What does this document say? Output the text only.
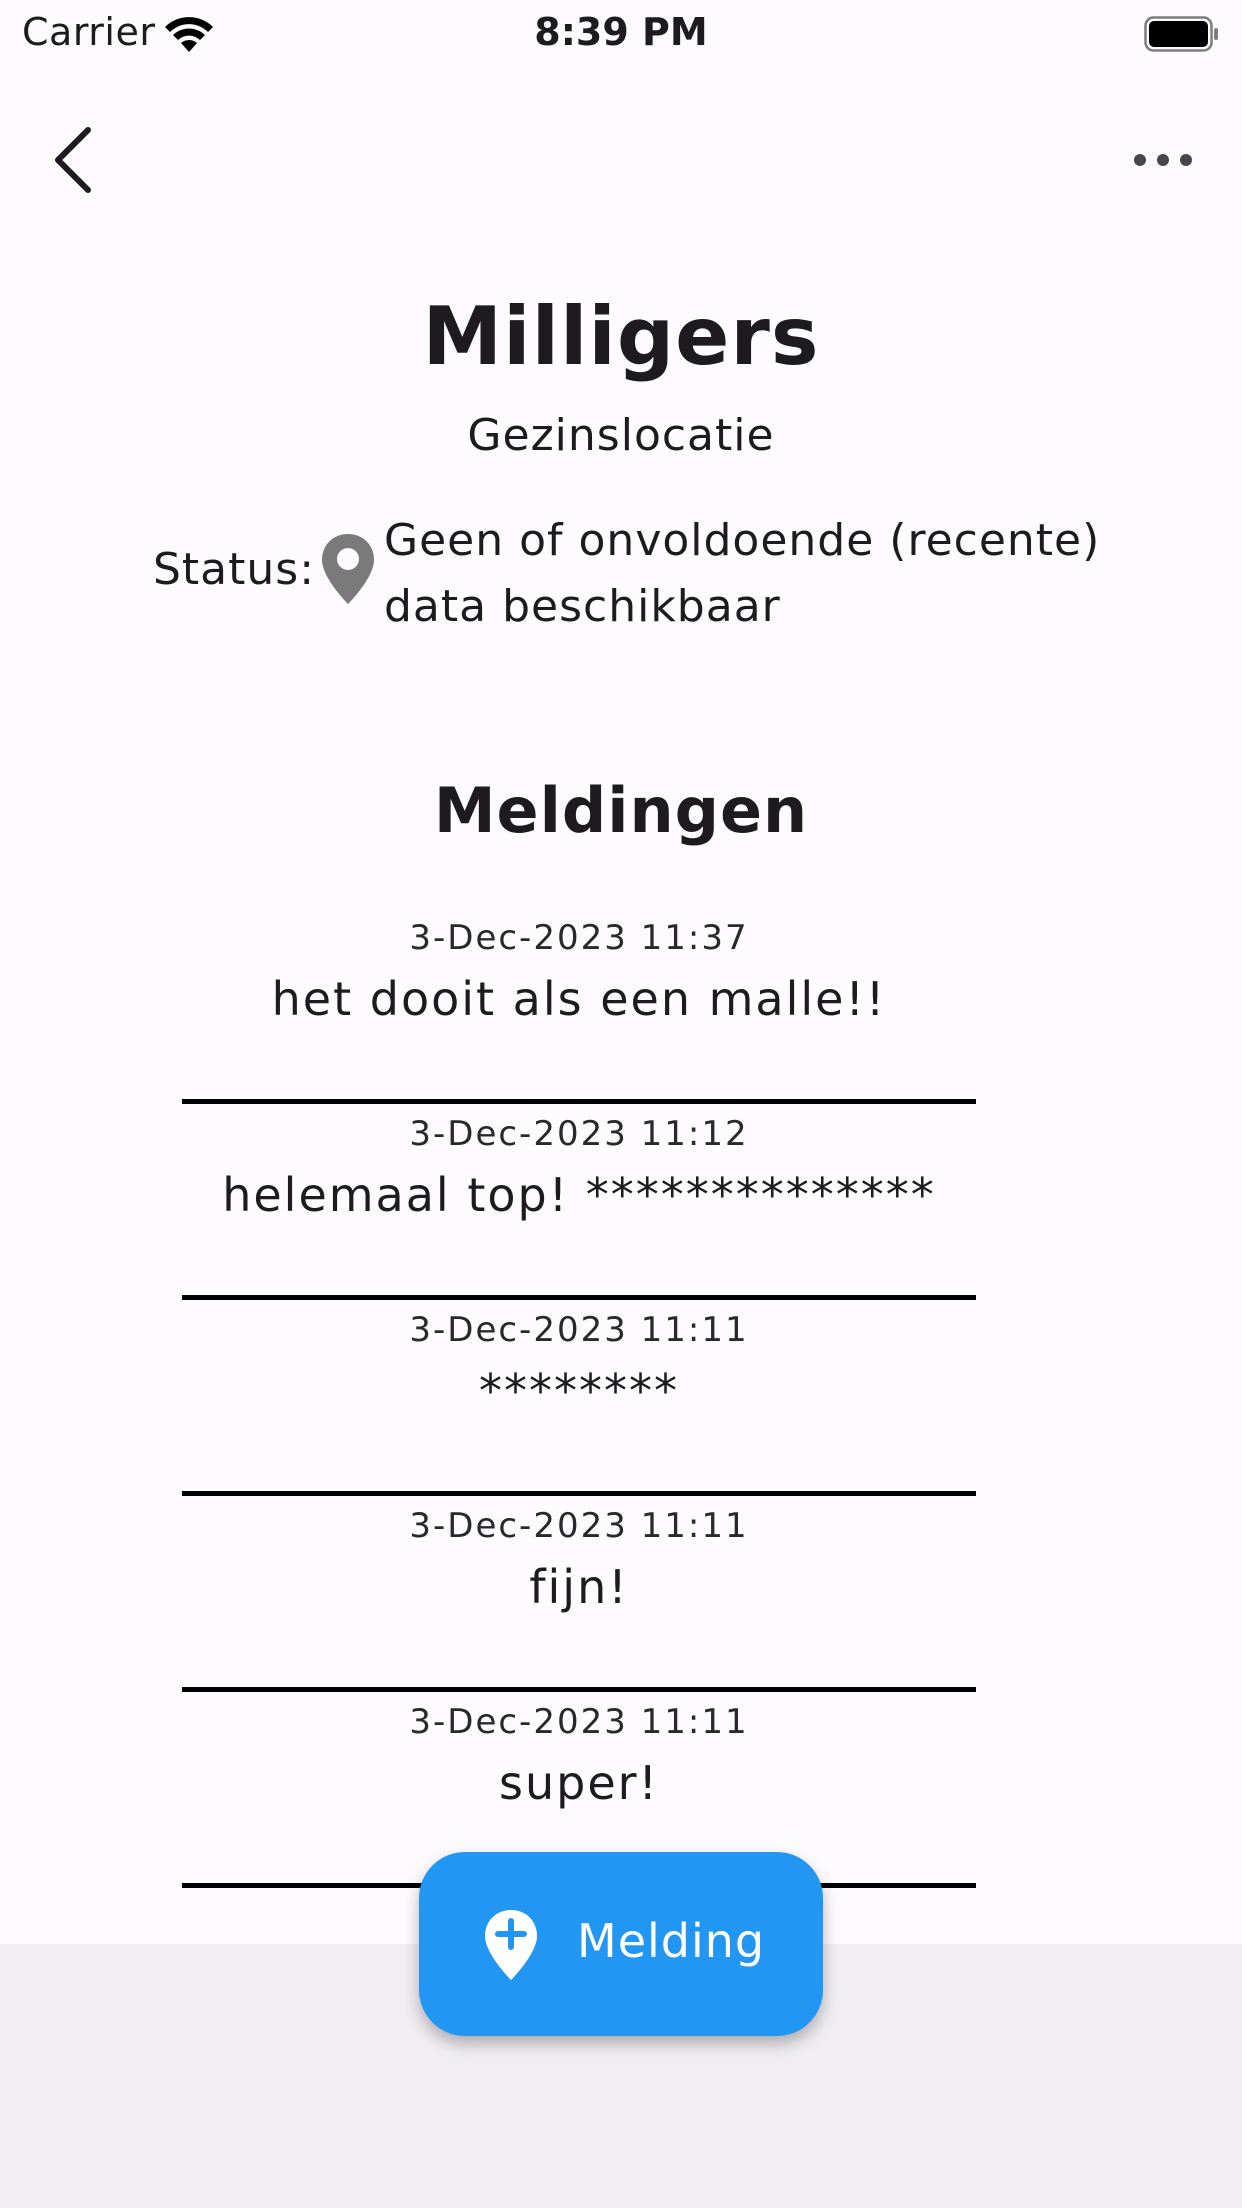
Carrier	8:39 PM
Milligers
Gezinslocatie
Status:
Geen of onvoldoende (recente) data beschikbaar
Meldingen
3-Dec-2023 11:37
het dooit als een malle!!
3-Dec-2023 11:12
helemaal top! **************
3-Dec-2023 11:11
********
3-Dec-2023 11:11
fijn!
3-Dec-2023 11:11
super!
Melding
